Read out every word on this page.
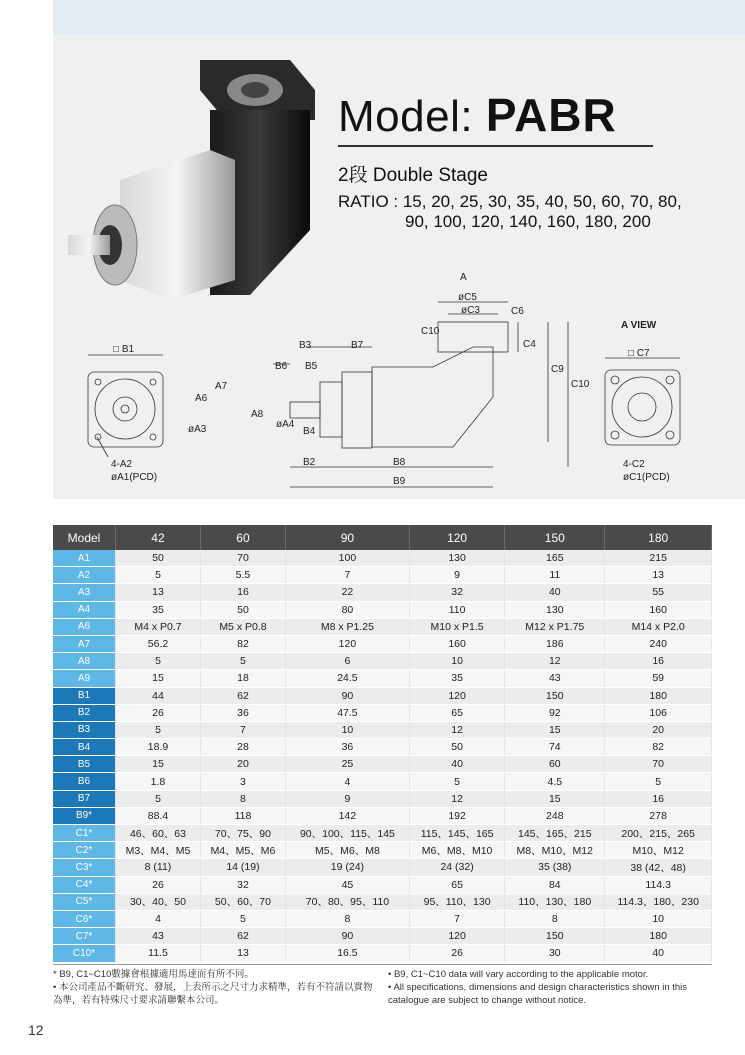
Model: PABR
2段 Double Stage
RATIO : 15, 20, 25, 30, 35, 40, 50, 60, 70, 80,
90, 100, 120, 140, 160, 180, 200
□ B1
4-A2
øA1(PCD)
B3	B7
B6 B5
A7
A6
øA3
A8
øA4
B4
B2	B8
B9
C10
C6
øC5
øC3
C4
C9
C10
A
A VIEW
□ C7
4-C2
øC1(PCD)
Model	42	60	90	120	150	180
A1	50	70	100	130	165	215
A2	5	5.5	7	9	11	13
A3	13	16	22	32	40	55
A4	35	50	80	110	130	160
A6	M4 x P0.7	M5 x P0.8	M8 x P1.25	M10 x P1.5	M12 x P1.75	M14 x P2.0
A7	56.2	82	120	160	186	240
A8	5	5	6	10	12	16
A9	15	18	24.5	35	43	59
B1	44	62	90	120	150	180
B2	26	36	47.5	65	92	106
B3	5	7	10	12	15	20
B4	18.9	28	36	50	74	82
B5	15	20	25	40	60	70
B6	1.8	3	4	5	4.5	5
B7	5	8	9	12	15	16
B9*	88.4	118	142	192	248	278
C1*	46、60、63	70、75、90	90、100、115、145	115、145、165	145、165、215	200、215、265
C2*	M3、M4、M5	M4、M5、M6	M5、M6、M8	M6、M8、M10	M8、M10、M12	M10、M12
C3*	8 (11)	14 (19)	19 (24)	24 (32)	35 (38)	38 (42、48)
C4*	26	32	45	65	84	114.3
C5*	30、40、50	50、60、70	70、80、95、110	95、110、130	110、130、180	114.3、180、230
C6*	4	5	8	7	8	10
C7*	43	62	90	120	150	180
C10*	11.5	13	16.5	26	30	40
* B9, C1~C10數據會根據適用馬達而有所不同。
• 本公司產品不斷研究、發展，上表所示之尺寸力求精準，若有不符請以實物為準，若有特殊尺寸要求請聯繫本公司。
• B9, C1~C10 data will vary according to the applicable motor.
• All specifications, dimensions and design characteristics shown in this catalogue are subject to change without notice.
12
